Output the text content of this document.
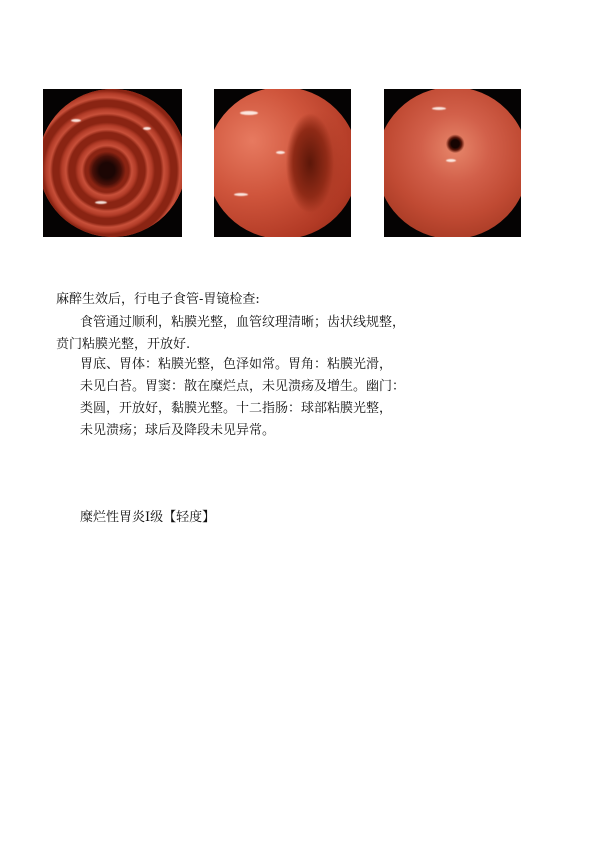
麻醉生效后，行电子食管-胃镜检查:

食管通过顺利，粘膜光整，血管纹理清晰；齿状线规整，

贲门粘膜光整，开放好.

胃底、胃体：粘膜光整，色泽如常。胃角：粘膜光滑，

未见白苔。胃窦：散在糜烂点，未见溃疡及增生。幽门：

类圆，开放好，黏膜光整。十二指肠：球部粘膜光整，

未见溃疡；球后及降段未见异常。

糜烂性胃炎I级【轻度】
